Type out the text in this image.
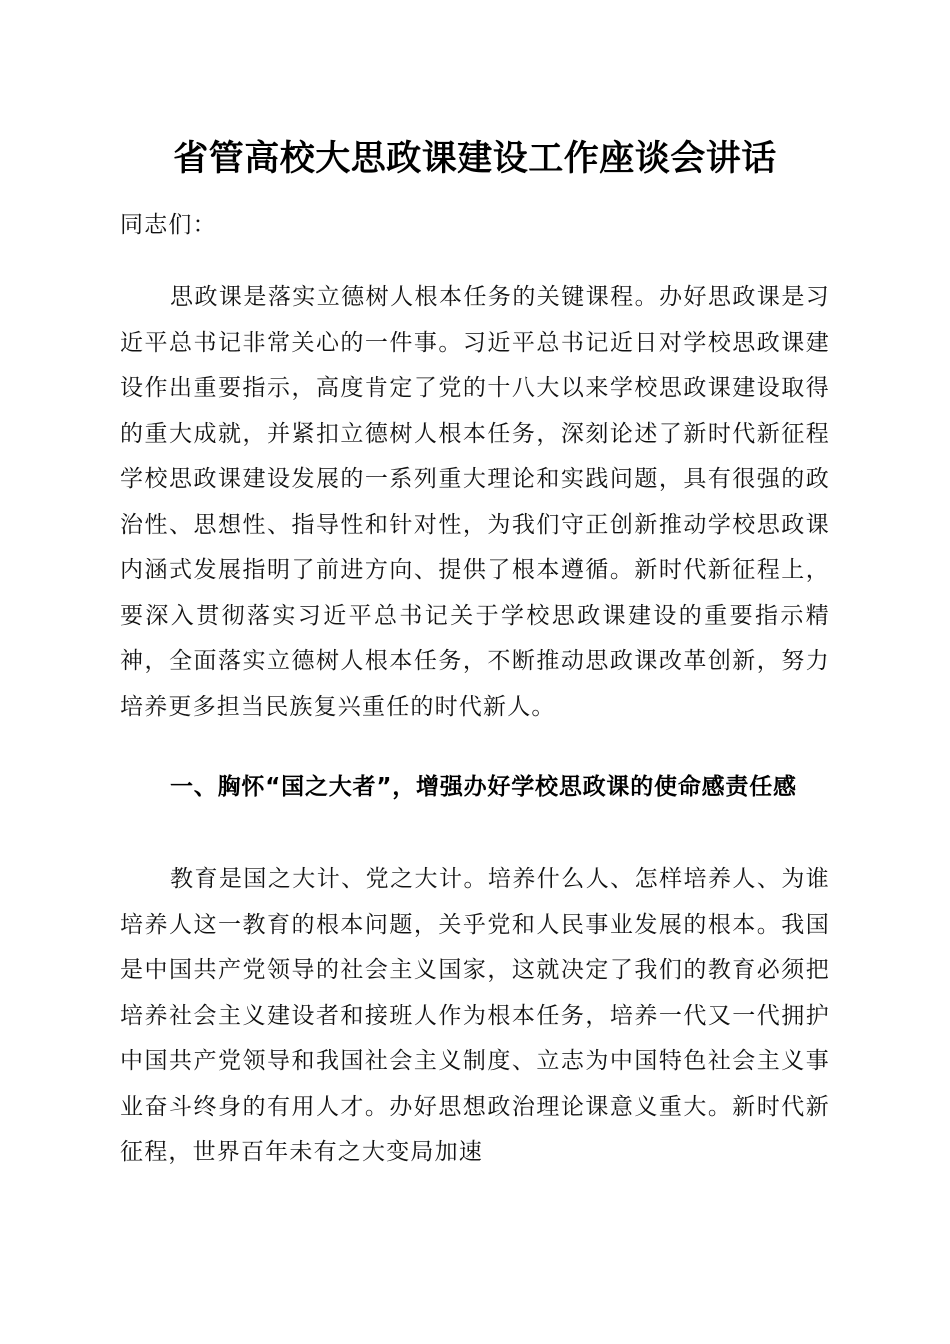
省管高校大思政课建设工作座谈会讲话

同志们：

思政课是落实立德树人根本任务的关键课程。办好思政课是习近平总书记非常关心的一件事。习近平总书记近日对学校思政课建设作出重要指示，高度肯定了党的十八大以来学校思政课建设取得的重大成就，并紧扣立德树人根本任务，深刻论述了新时代新征程学校思政课建设发展的一系列重大理论和实践问题，具有很强的政治性、思想性、指导性和针对性，为我们守正创新推动学校思政课内涵式发展指明了前进方向、提供了根本遵循。新时代新征程上，要深入贯彻落实习近平总书记关于学校思政课建设的重要指示精神，全面落实立德树人根本任务，不断推动思政课改革创新，努力培养更多担当民族复兴重任的时代新人。

一、胸怀“国之大者”，增强办好学校思政课的使命感责任感

教育是国之大计、党之大计。培养什么人、怎样培养人、为谁培养人这一教育的根本问题，关乎党和人民事业发展的根本。我国是中国共产党领导的社会主义国家，这就决定了我们的教育必须把培养社会主义建设者和接班人作为根本任务，培养一代又一代拥护中国共产党领导和我国社会主义制度、立志为中国特色社会主义事业奋斗终身的有用人才。办好思想政治理论课意义重大。新时代新征程，世界百年未有之大变局加速
